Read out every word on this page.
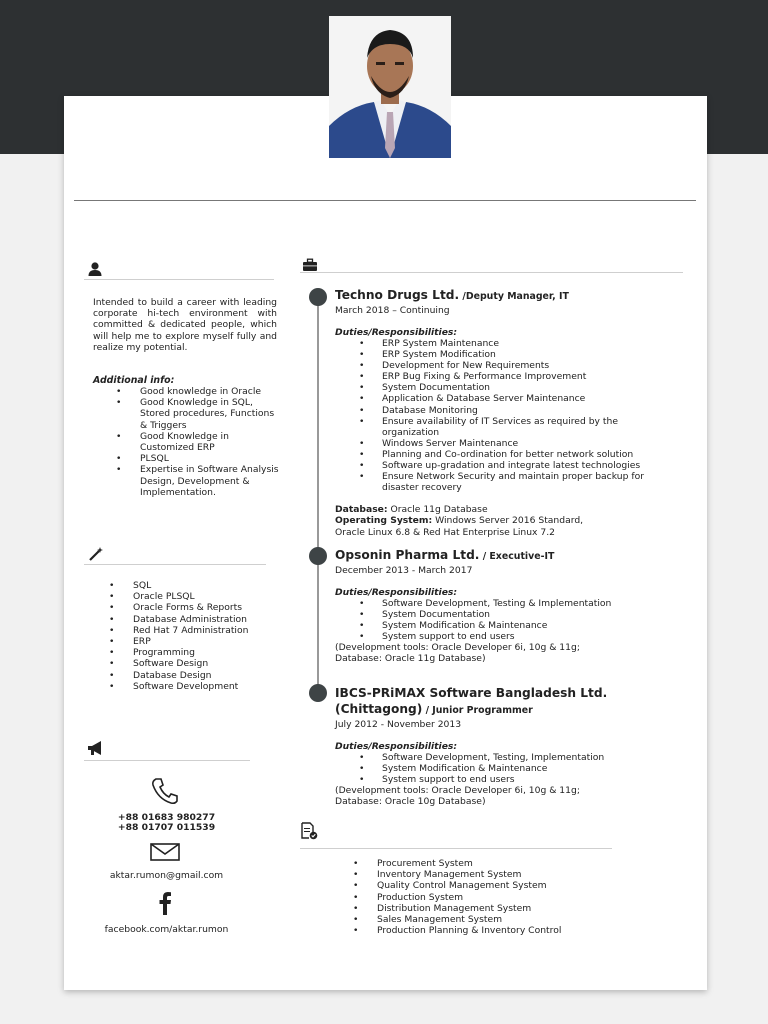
Intended to build a career with leading corporate hi-tech environment with committed & dedicated people, which will help me to explore myself fully and realize my potential.

Additional info:
• Good knowledge in Oracle
• Good Knowledge in SQL, Stored procedures, Functions & Triggers
• Good Knowledge in Customized ERP
• PLSQL
• Expertise in Software Analysis Design, Development & Implementation.
• SQL
• Oracle PLSQL
• Oracle Forms & Reports
• Database Administration
• Red Hat 7 Administration
• ERP
• Programming
• Software Design
• Database Design
• Software Development
+88 01683 980277
+88 01707 011539
aktar.rumon@gmail.com
facebook.com/aktar.rumon
Techno Drugs Ltd. /Deputy Manager, IT
March 2018 – Continuing
Duties/Responsibilities:
• ERP System Maintenance
• ERP System Modification
• Development for New Requirements
• ERP Bug Fixing & Performance Improvement
• System Documentation
• Application & Database Server Maintenance
• Database Monitoring
• Ensure availability of IT Services as required by the organization
• Windows Server Maintenance
• Planning and Co-ordination for better network solution
• Software up-gradation and integrate latest technologies
• Ensure Network Security and maintain proper backup for disaster recovery
Database: Oracle 11g Database
Operating System: Windows Server 2016 Standard, Oracle Linux 6.8 & Red Hat Enterprise Linux 7.2
Opsonin Pharma Ltd. / Executive-IT
December 2013 - March 2017
Duties/Responsibilities:
• Software Development, Testing & Implementation
• System Documentation
• System Modification & Maintenance
• System support to end users
(Development tools: Oracle Developer 6i, 10g & 11g; Database: Oracle 11g Database)
IBCS-PRiMAX Software Bangladesh Ltd. (Chittagong) / Junior Programmer
July 2012 - November 2013
Duties/Responsibilities:
• Software Development, Testing, Implementation
• System Modification & Maintenance
• System support to end users
(Development tools: Oracle Developer 6i, 10g & 11g; Database: Oracle 10g Database)
• Procurement System
• Inventory Management System
• Quality Control Management System
• Production System
• Distribution Management System
• Sales Management System
• Production Planning & Inventory Control
